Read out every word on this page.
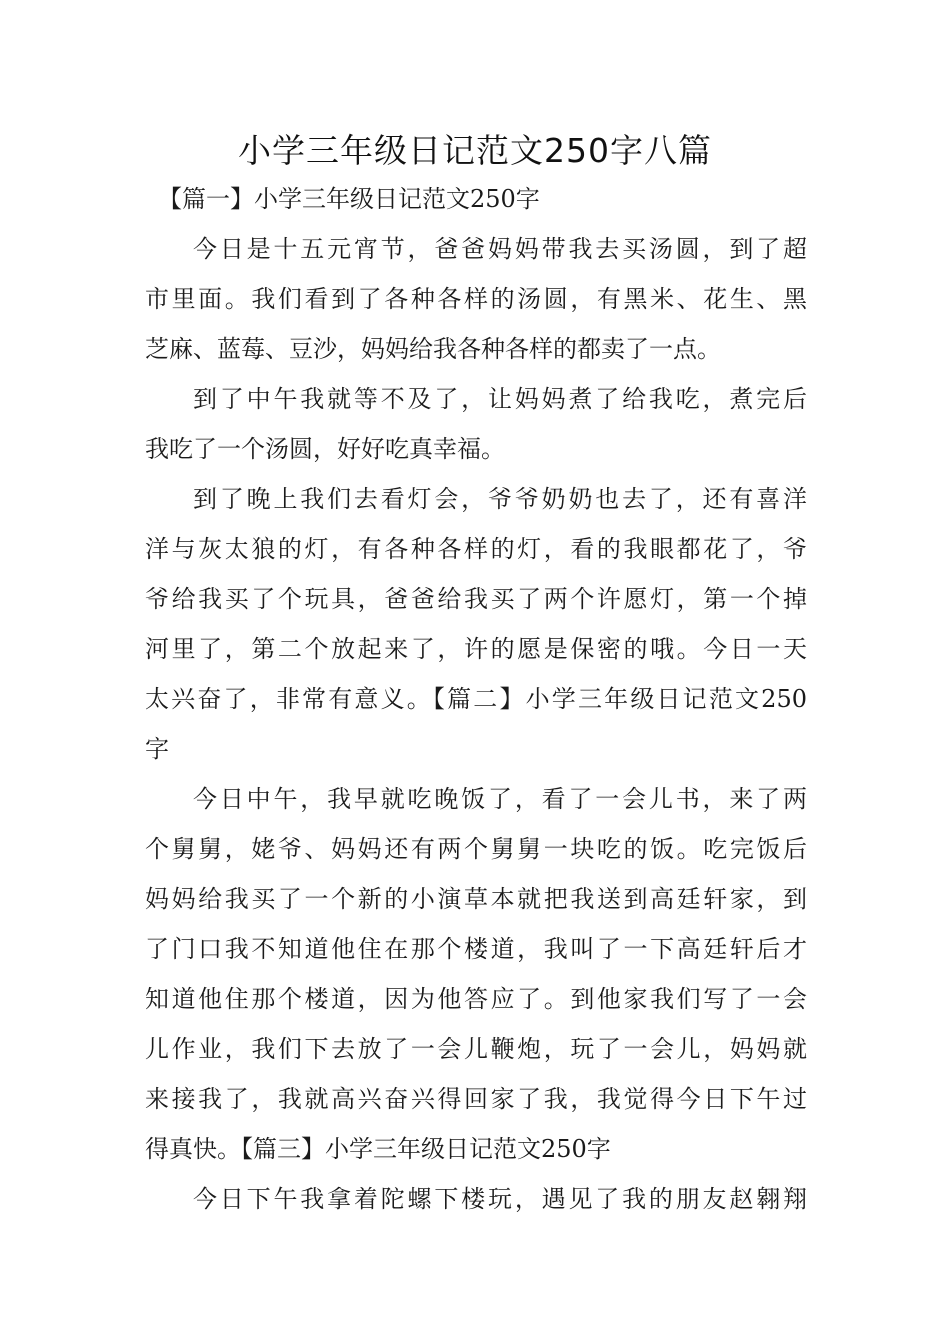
小学三年级日记范文250字八篇
【篇一】小学三年级日记范文250字
今日是十五元宵节，爸爸妈妈带我去买汤圆，到了超
市里面。我们看到了各种各样的汤圆，有黑米、花生、黑
芝麻、蓝莓、豆沙，妈妈给我各种各样的都卖了一点。
到了中午我就等不及了，让妈妈煮了给我吃，煮完后
我吃了一个汤圆，好好吃真幸福。
到了晚上我们去看灯会，爷爷奶奶也去了，还有喜洋
洋与灰太狼的灯，有各种各样的灯，看的我眼都花了，爷
爷给我买了个玩具，爸爸给我买了两个许愿灯，第一个掉
河里了，第二个放起来了，许的愿是保密的哦。今日一天
太兴奋了，非常有意义。【篇二】小学三年级日记范文250
字
今日中午，我早就吃晚饭了，看了一会儿书，来了两
个舅舅，姥爷、妈妈还有两个舅舅一块吃的饭。吃完饭后
妈妈给我买了一个新的小演草本就把我送到高廷轩家，到
了门口我不知道他住在那个楼道，我叫了一下高廷轩后才
知道他住那个楼道，因为他答应了。到他家我们写了一会
儿作业，我们下去放了一会儿鞭炮，玩了一会儿，妈妈就
来接我了，我就高兴奋兴得回家了我，我觉得今日下午过
得真快。【篇三】小学三年级日记范文250字
今日下午我拿着陀螺下楼玩，遇见了我的朋友赵翱翔
